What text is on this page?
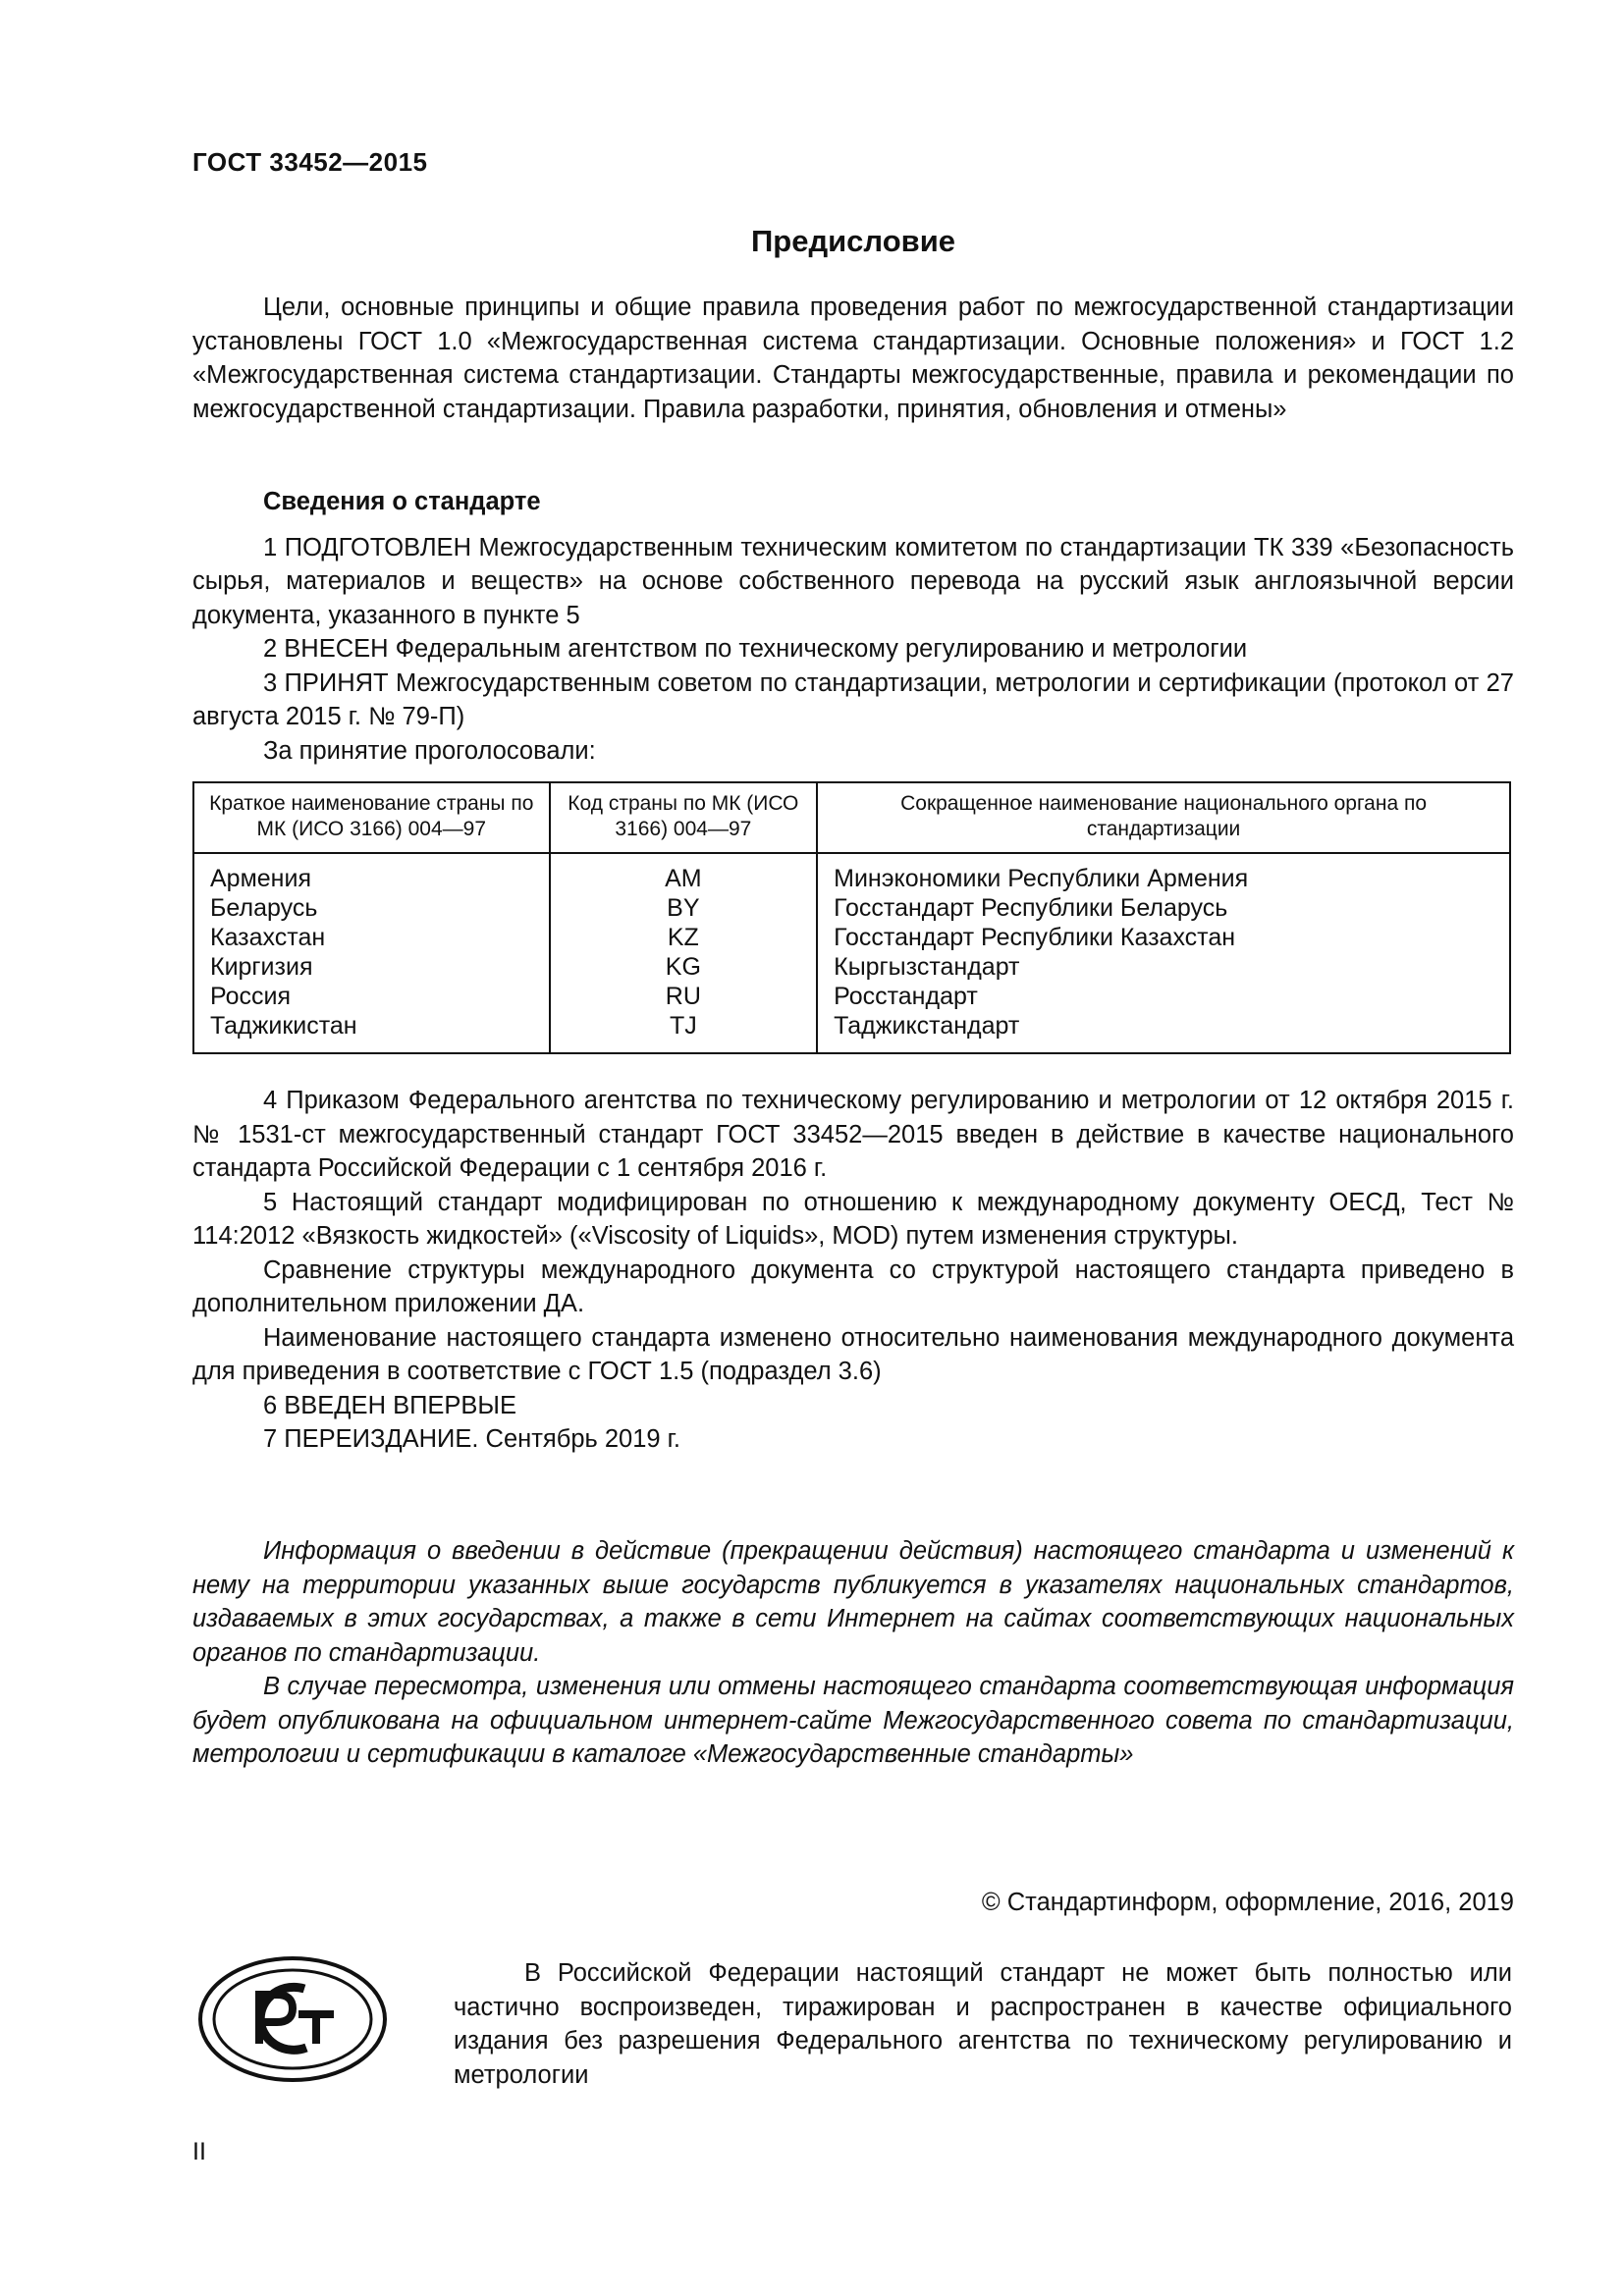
ГОСТ 33452—2015
Предисловие

Цели, основные принципы и общие правила проведения работ по межгосударственной стандартизации установлены ГОСТ 1.0 «Межгосударственная система стандартизации. Основные положения» и ГОСТ 1.2 «Межгосударственная система стандартизации. Стандарты межгосударственные, правила и рекомендации по межгосударственной стандартизации. Правила разработки, принятия, обновления и отмены»

Сведения о стандарте

1 ПОДГОТОВЛЕН Межгосударственным техническим комитетом по стандартизации ТК 339 «Безопасность сырья, материалов и веществ» на основе собственного перевода на русский язык англоязычной версии документа, указанного в пункте 5

2 ВНЕСЕН Федеральным агентством по техническому регулированию и метрологии

3 ПРИНЯТ Межгосударственным советом по стандартизации, метрологии и сертификации (протокол от 27 августа 2015 г. № 79-П)

За принятие проголосовали:

Краткое наименование страны по МК (ИСО 3166) 004—97	Код страны по МК (ИСО 3166) 004—97	Сокращенное наименование национального органа по стандартизации
Армения	AM	Минэкономики Республики Армения
Беларусь	BY	Госстандарт Республики Беларусь
Казахстан	KZ	Госстандарт Республики Казахстан
Киргизия	KG	Кыргызстандарт
Россия	RU	Росстандарт
Таджикистан	TJ	Таджикстандарт

4 Приказом Федерального агентства по техническому регулированию и метрологии от 12 октября 2015 г. № 1531-ст межгосударственный стандарт ГОСТ 33452—2015 введен в действие в качестве национального стандарта Российской Федерации с 1 сентября 2016 г.

5 Настоящий стандарт модифицирован по отношению к международному документу ОЕСД, Тест № 114:2012 «Вязкость жидкостей» («Viscosity of Liquids», MOD) путем изменения структуры.

Сравнение структуры международного документа со структурой настоящего стандарта приведено в дополнительном приложении ДА.

Наименование настоящего стандарта изменено относительно наименования международного документа для приведения в соответствие с ГОСТ 1.5 (подраздел 3.6)

6 ВВЕДЕН ВПЕРВЫЕ

7 ПЕРЕИЗДАНИЕ. Сентябрь 2019 г.

Информация о введении в действие (прекращении действия) настоящего стандарта и изменений к нему на территории указанных выше государств публикуется в указателях национальных стандартов, издаваемых в этих государствах, а также в сети Интернет на сайтах соответствующих национальных органов по стандартизации.

В случае пересмотра, изменения или отмены настоящего стандарта соответствующая информация будет опубликована на официальном интернет-сайте Межгосударственного совета по стандартизации, метрологии и сертификации в каталоге «Межгосударственные стандарты»

© Стандартинформ, оформление, 2016, 2019

В Российской Федерации настоящий стандарт не может быть полностью или частично воспроизведен, тиражирован и распространен в качестве официального издания без разрешения Федерального агентства по техническому регулированию и метрологии

II
